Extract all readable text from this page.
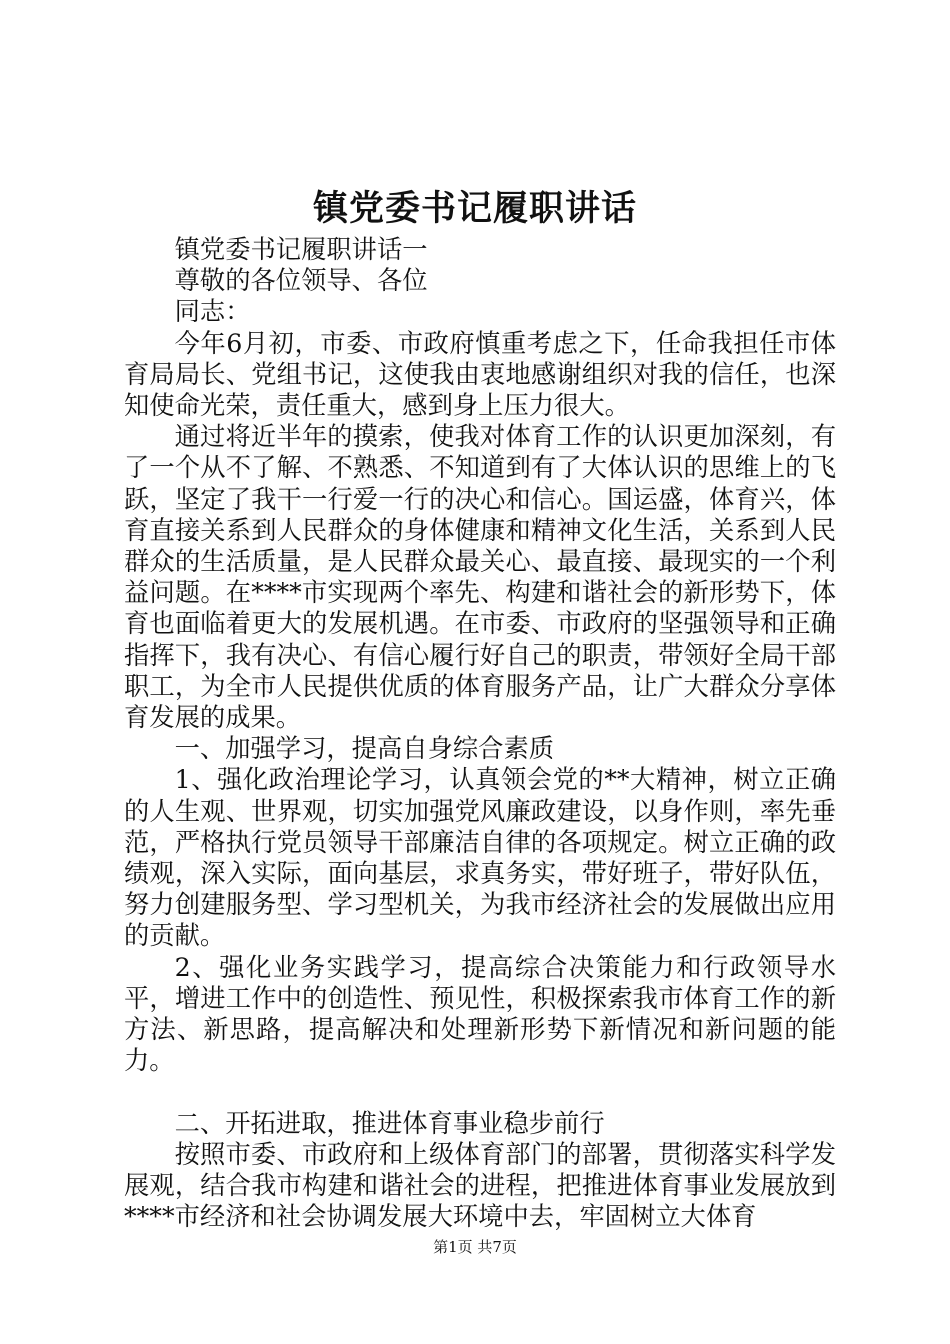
镇党委书记履职讲话

镇党委书记履职讲话一

尊敬的各位领导、各位

同志：

今年6月初，市委、市政府慎重考虑之下，任命我担任市体育局局长、党组书记，这使我由衷地感谢组织对我的信任，也深知使命光荣，责任重大，感到身上压力很大。

通过将近半年的摸索，使我对体育工作的认识更加深刻，有了一个从不了解、不熟悉、不知道到有了大体认识的思维上的飞跃，坚定了我干一行爱一行的决心和信心。国运盛，体育兴，体育直接关系到人民群众的身体健康和精神文化生活，关系到人民群众的生活质量，是人民群众最关心、最直接、最现实的一个利益问题。在****市实现两个率先、构建和谐社会的新形势下，体育也面临着更大的发展机遇。在市委、市政府的坚强领导和正确指挥下，我有决心、有信心履行好自己的职责，带领好全局干部职工，为全市人民提供优质的体育服务产品，让广大群众分享体育发展的成果。

一、加强学习，提高自身综合素质

1、强化政治理论学习，认真领会党的**大精神，树立正确的人生观、世界观，切实加强党风廉政建设，以身作则，率先垂范，严格执行党员领导干部廉洁自律的各项规定。树立正确的政绩观，深入实际，面向基层，求真务实，带好班子，带好队伍，努力创建服务型、学习型机关，为我市经济社会的发展做出应用的贡献。

2、强化业务实践学习，提高综合决策能力和行政领导水平，增进工作中的创造性、预见性，积极探索我市体育工作的新方法、新思路，提高解决和处理新形势下新情况和新问题的能力。

二、开拓进取，推进体育事业稳步前行

按照市委、市政府和上级体育部门的部署，贯彻落实科学发展观，结合我市构建和谐社会的进程，把推进体育事业发展放到****市经济和社会协调发展大环境中去，牢固树立大体育

第1页 共7页
